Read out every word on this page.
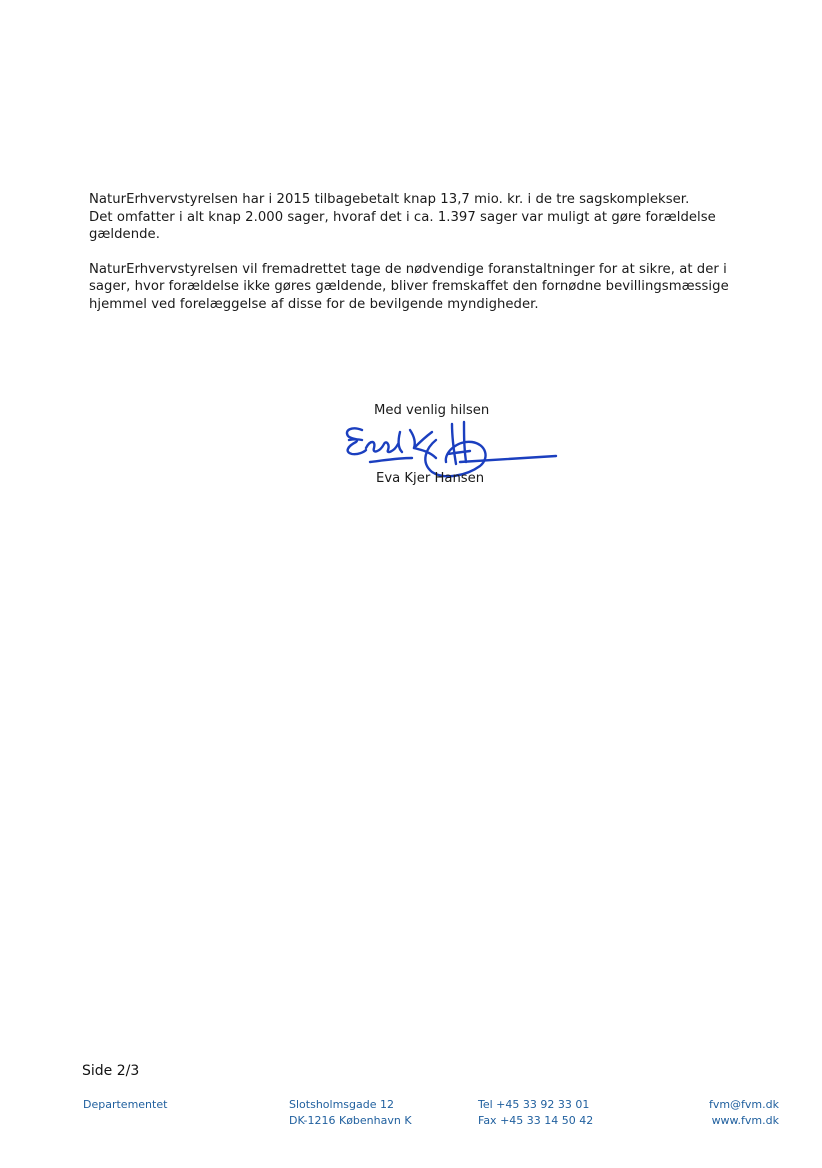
NaturErhvervstyrelsen har i 2015 tilbagebetalt knap 13,7 mio. kr. i de tre sagskomplekser.
Det omfatter i alt knap 2.000 sager, hvoraf det i ca. 1.397 sager var muligt at gøre forældelse
gældende.

NaturErhvervstyrelsen vil fremadrettet tage de nødvendige foranstaltninger for at sikre, at der i
sager, hvor forældelse ikke gøres gældende, bliver fremskaffet den fornødne bevillingsmæssige
hjemmel ved forelæggelse af disse for de bevilgende myndigheder.

Med venlig hilsen
Eva Kjer Hansen
Side 2/3
Departementet	Slotsholmsgade 12
DK-1216 København K
Tel +45 33 92 33 01
Fax +45 33 14 50 42
fvm@fvm.dk
www.fvm.dk
